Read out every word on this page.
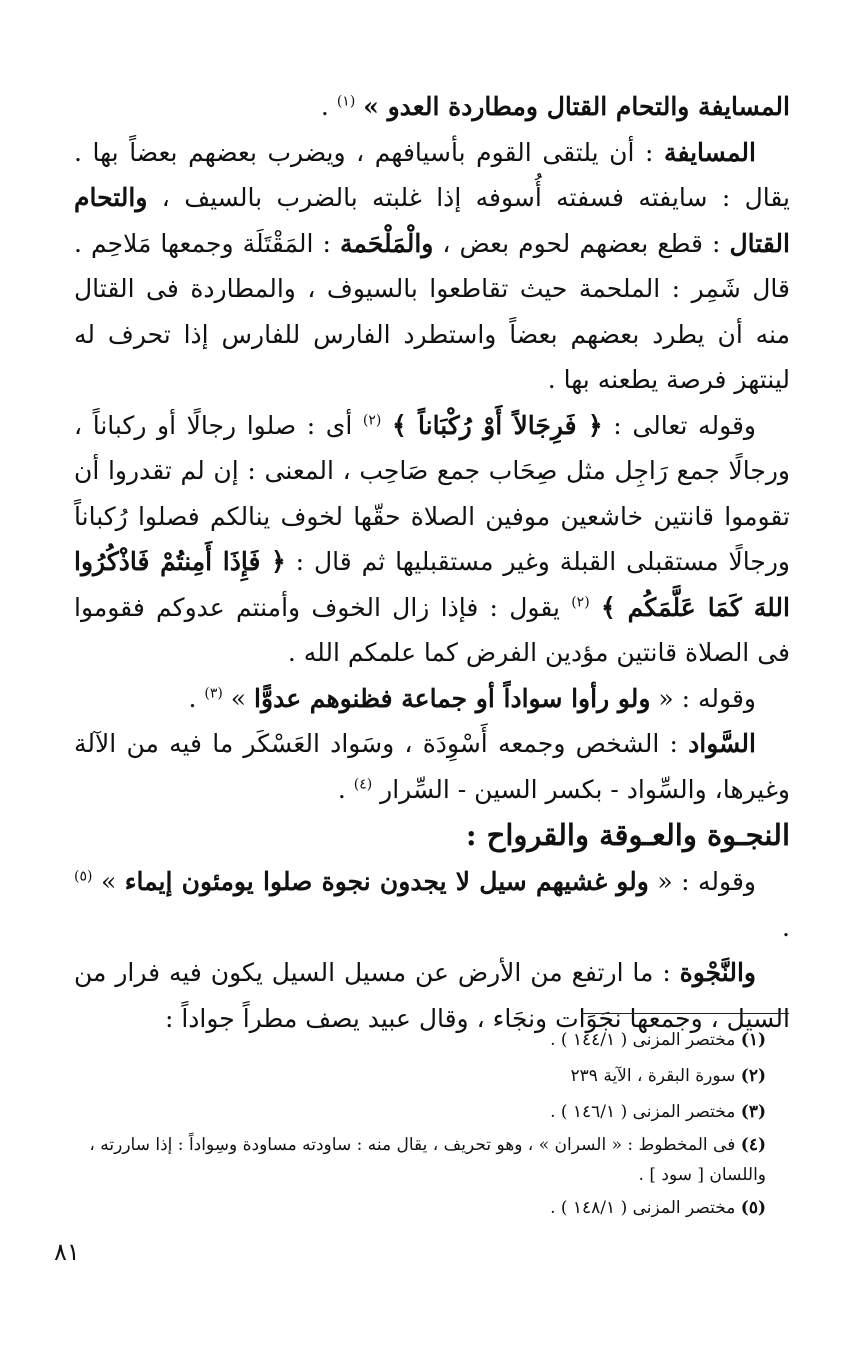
المسايفة والتحام القتال ومطاردة العدو » $^{(١)}$ .

المسايفة : أن يلتقى القوم بأسيافهم ، ويضرب بعضهم بعضاً بها . يقال : سايفته فسفته أُسوفه إذا غلبته بالضرب بالسيف ، والتحام القتال : قطع بعضهم لحوم بعض ، والْمَلْحَمة : المَقْتَلَة وجمعها مَلاحِم . قال شَمِر : الملحمة حيث تقاطعوا بالسيوف ، والمطاردة فى القتال منه أن يطرد بعضهم بعضاً واستطرد الفارس للفارس إذا تحرف له لينتهز فرصة يطعنه بها .

وقوله تعالى : ﴿ فَرِجَالاً أَوْ رُكْبَاناً ﴾ $^{(٢)}$ أى : صلوا رجالًا أو ركباناً ، ورجالًا جمع رَاجِل مثل صِحَاب جمع صَاحِب ، المعنى : إن لم تقدروا أن تقوموا قانتين خاشعين موفين الصلاة حقّها لخوف ينالكم فصلوا رُكباناً ورجالًا مستقبلى القبلة وغير مستقبليها ثم قال : ﴿ فَإِذَا أَمِنتُمْ فَاذْكُرُوا اللهَ كَمَا عَلَّمَكُم ﴾ $^{(٢)}$ يقول : فإذا زال الخوف وأمنتم عدوكم فقوموا فى الصلاة قانتين مؤدين الفرض كما علمكم الله .

وقوله : « ولو رأوا سواداً أو جماعة فظنوهم عدوًّا » $^{(٣)}$ .

السَّواد : الشخص وجمعه أَسْوِدَة ، وسَواد العَسْكَر ما فيه من الآلة وغيرها، والسِّواد - بكسر السين - السِّرار $^{(٤)}$ .

النجـوة والعـوقة والقرواح :

وقوله : « ولو غشيهم سيل لا يجدون نجوة صلوا يومئون إيماء » $^{(٥)}$ .

والنَّجْوة : ما ارتفع من الأرض عن مسيل السيل يكون فيه فرار من السيل ، وجمعها نجَوَات ونجَاء ، وقال عبيد يصف مطراً جواداً :

(١) مختصر المزنى ( ١٤٤/١ ) .

(٢) سورة البقرة ، الآية ٢٣٩

(٣) مختصر المزنى ( ١٤٦/١ ) .

(٤) فى المخطوط : « السران » ، وهو تحريف ، يقال منه : ساودته مساودة وسِواداً : إذا ساررته ، واللسان [ سود ] .

(٥) مختصر المزنى ( ١٤٨/١ ) .

٨١
